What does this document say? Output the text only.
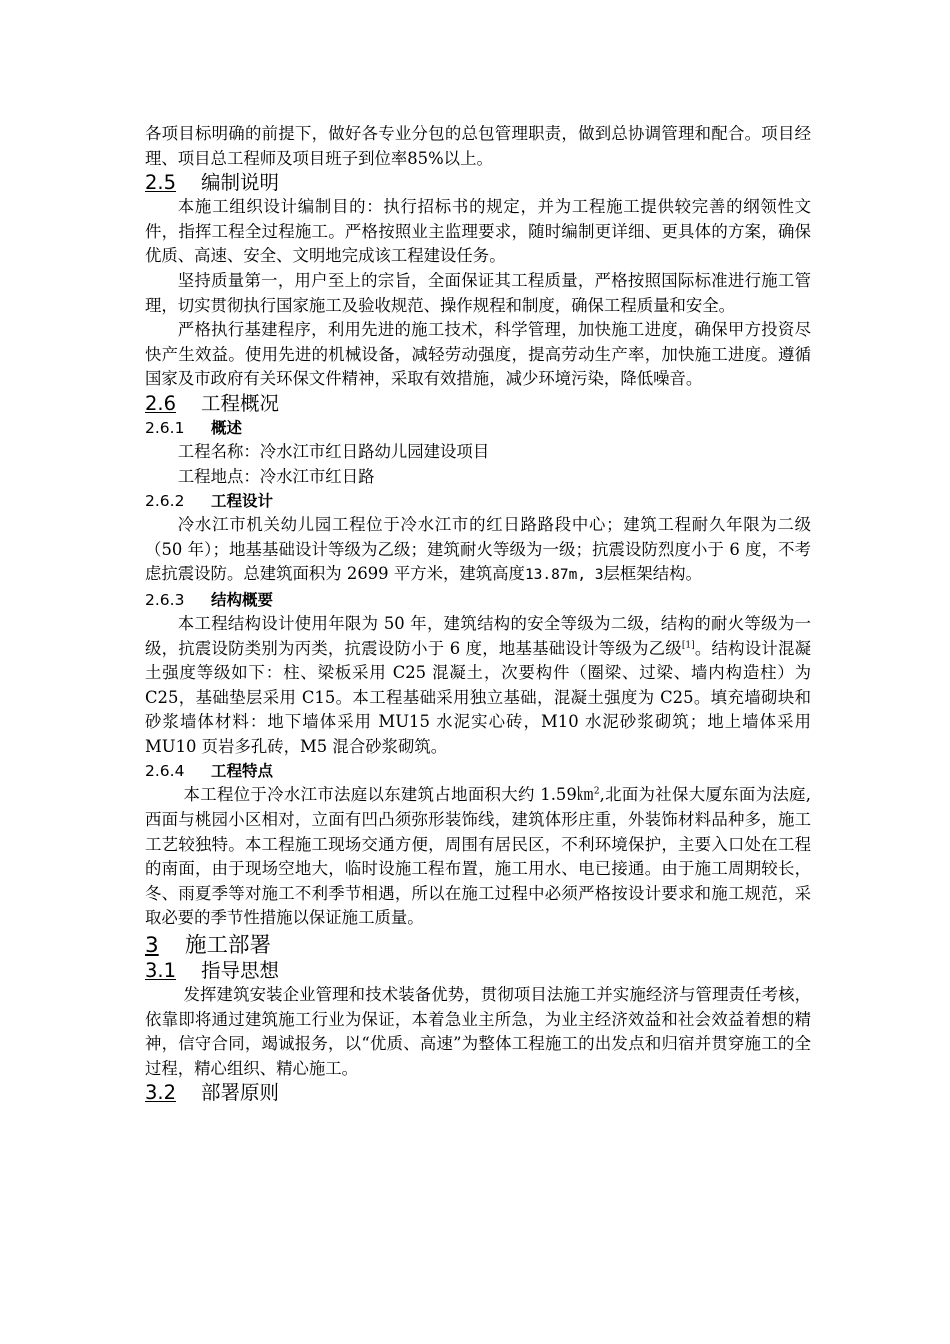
各项目标明确的前提下，做好各专业分包的总包管理职责，做到总协调管理和配合。项目经理、项目总工程师及项目班子到位率85%以上。

2.5 编制说明

本施工组织设计编制目的：执行招标书的规定，并为工程施工提供较完善的纲领性文件，指挥工程全过程施工。严格按照业主监理要求，随时编制更详细、更具体的方案，确保优质、高速、安全、文明地完成该工程建设任务。

坚持质量第一，用户至上的宗旨，全面保证其工程质量，严格按照国际标准进行施工管理，切实贯彻执行国家施工及验收规范、操作规程和制度，确保工程质量和安全。

严格执行基建程序，利用先进的施工技术，科学管理，加快施工进度，确保甲方投资尽快产生效益。使用先进的机械设备，减轻劳动强度，提高劳动生产率，加快施工进度。遵循国家及市政府有关环保文件精神，采取有效措施，减少环境污染，降低噪音。

2.6 工程概况
2.6.1 概述

工程名称：冷水江市红日路幼儿园建设项目

工程地点：冷水江市红日路

2.6.2 工程设计

冷水江市机关幼儿园工程位于冷水江市的红日路路段中心；建筑工程耐久年限为二级（50 年）；地基基础设计等级为乙级；建筑耐火等级为一级；抗震设防烈度小于 6 度，不考虑抗震设防。总建筑面积为 2699 平方米，建筑高度13.87m, 3层框架结构。

2.6.3 结构概要

本工程结构设计使用年限为 50 年，建筑结构的安全等级为二级，结构的耐火等级为一级，抗震设防类别为丙类，抗震设防小于 6 度，地基基础设计等级为乙级[1]。结构设计混凝土强度等级如下：柱、梁板采用 C25 混凝土，次要构件（圈梁、过梁、墙内构造柱）为C25，基础垫层采用 C15。本工程基础采用独立基础，混凝土强度为 C25。填充墙砌块和砂浆墙体材料：地下墙体采用 MU15 水泥实心砖，M10 水泥砂浆砌筑；地上墙体采用 MU10 页岩多孔砖，M5 混合砂浆砌筑。

2.6.4 工程特点

本工程位于冷水江市法庭以东建筑占地面积大约 1.59㎞$^2$,北面为社保大厦东面为法庭,西面与桃园小区相对，立面有凹凸须弥形装饰线，建筑体形庄重，外装饰材料品种多，施工工艺较独特。本工程施工现场交通方便，周围有居民区，不利环境保护，主要入口处在工程的南面，由于现场空地大，临时设施工程布置，施工用水、电已接通。由于施工周期较长，冬、雨夏季等对施工不利季节相遇，所以在施工过程中必须严格按设计要求和施工规范，采取必要的季节性措施以保证施工质量。

3 施工部署
3.1 指导思想

发挥建筑安装企业管理和技术装备优势，贯彻项目法施工并实施经济与管理责任考核，依靠即将通过建筑施工行业为保证，本着急业主所急，为业主经济效益和社会效益着想的精神，信守合同，竭诚报务，以“优质、高速”为整体工程施工的出发点和归宿并贯穿施工的全过程，精心组织、精心施工。

3.2 部署原则
